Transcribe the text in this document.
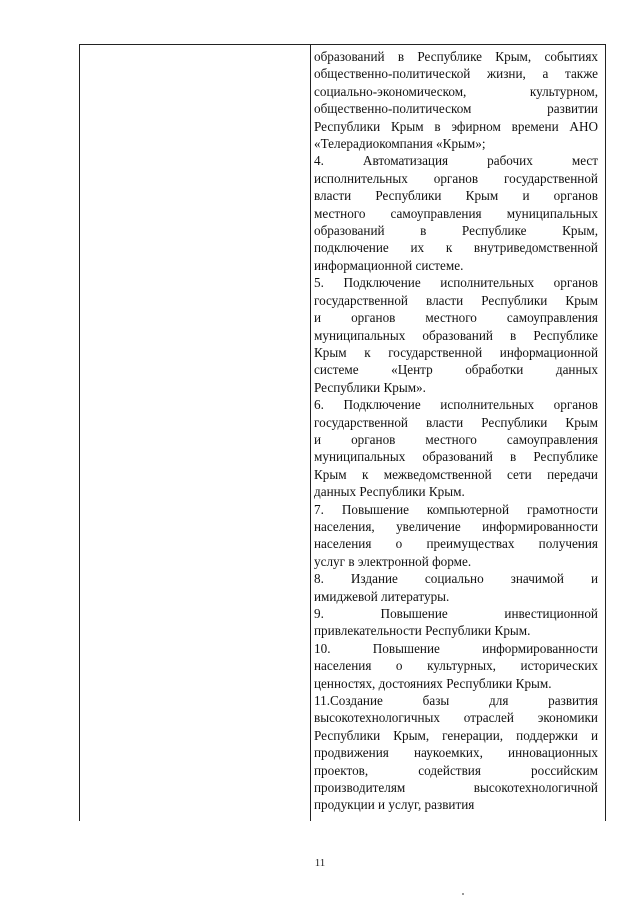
образований в Республике Крым, событиях
общественно-политической жизни, а также
социально-экономическом, культурном,
общественно-политическом развитии
Республики Крым в эфирном времени АНО
«Телерадиокомпания «Крым»;

4. Автоматизация рабочих мест
исполнительных органов государственной
власти Республики Крым и органов
местного самоуправления муниципальных
образований в Республике Крым,
подключение их к внутриведомственной
информационной системе.

5. Подключение исполнительных органов
государственной власти Республики Крым
и органов местного самоуправления
муниципальных образований в Республике
Крым к государственной информационной
системе «Центр обработки данных
Республики Крым».

6. Подключение исполнительных органов
государственной власти Республики Крым
и органов местного самоуправления
муниципальных образований в Республике
Крым к межведомственной сети передачи
данных Республики Крым.

7. Повышение компьютерной грамотности
населения, увеличение информированности
населения о преимуществах получения
услуг в электронной форме.

8. Издание социально значимой и
имиджевой литературы.

9. Повышение инвестиционной
привлекательности Республики Крым.

10. Повышение информированности
населения о культурных, исторических
ценностях, достояниях Республики Крым.

11.Создание базы для развития
высокотехнологичных отраслей экономики
Республики Крым, генерации, поддержки и
продвижения наукоемких, инновационных
проектов, содействия российским
производителям высокотехнологичной
продукции и услуг, развития

11
